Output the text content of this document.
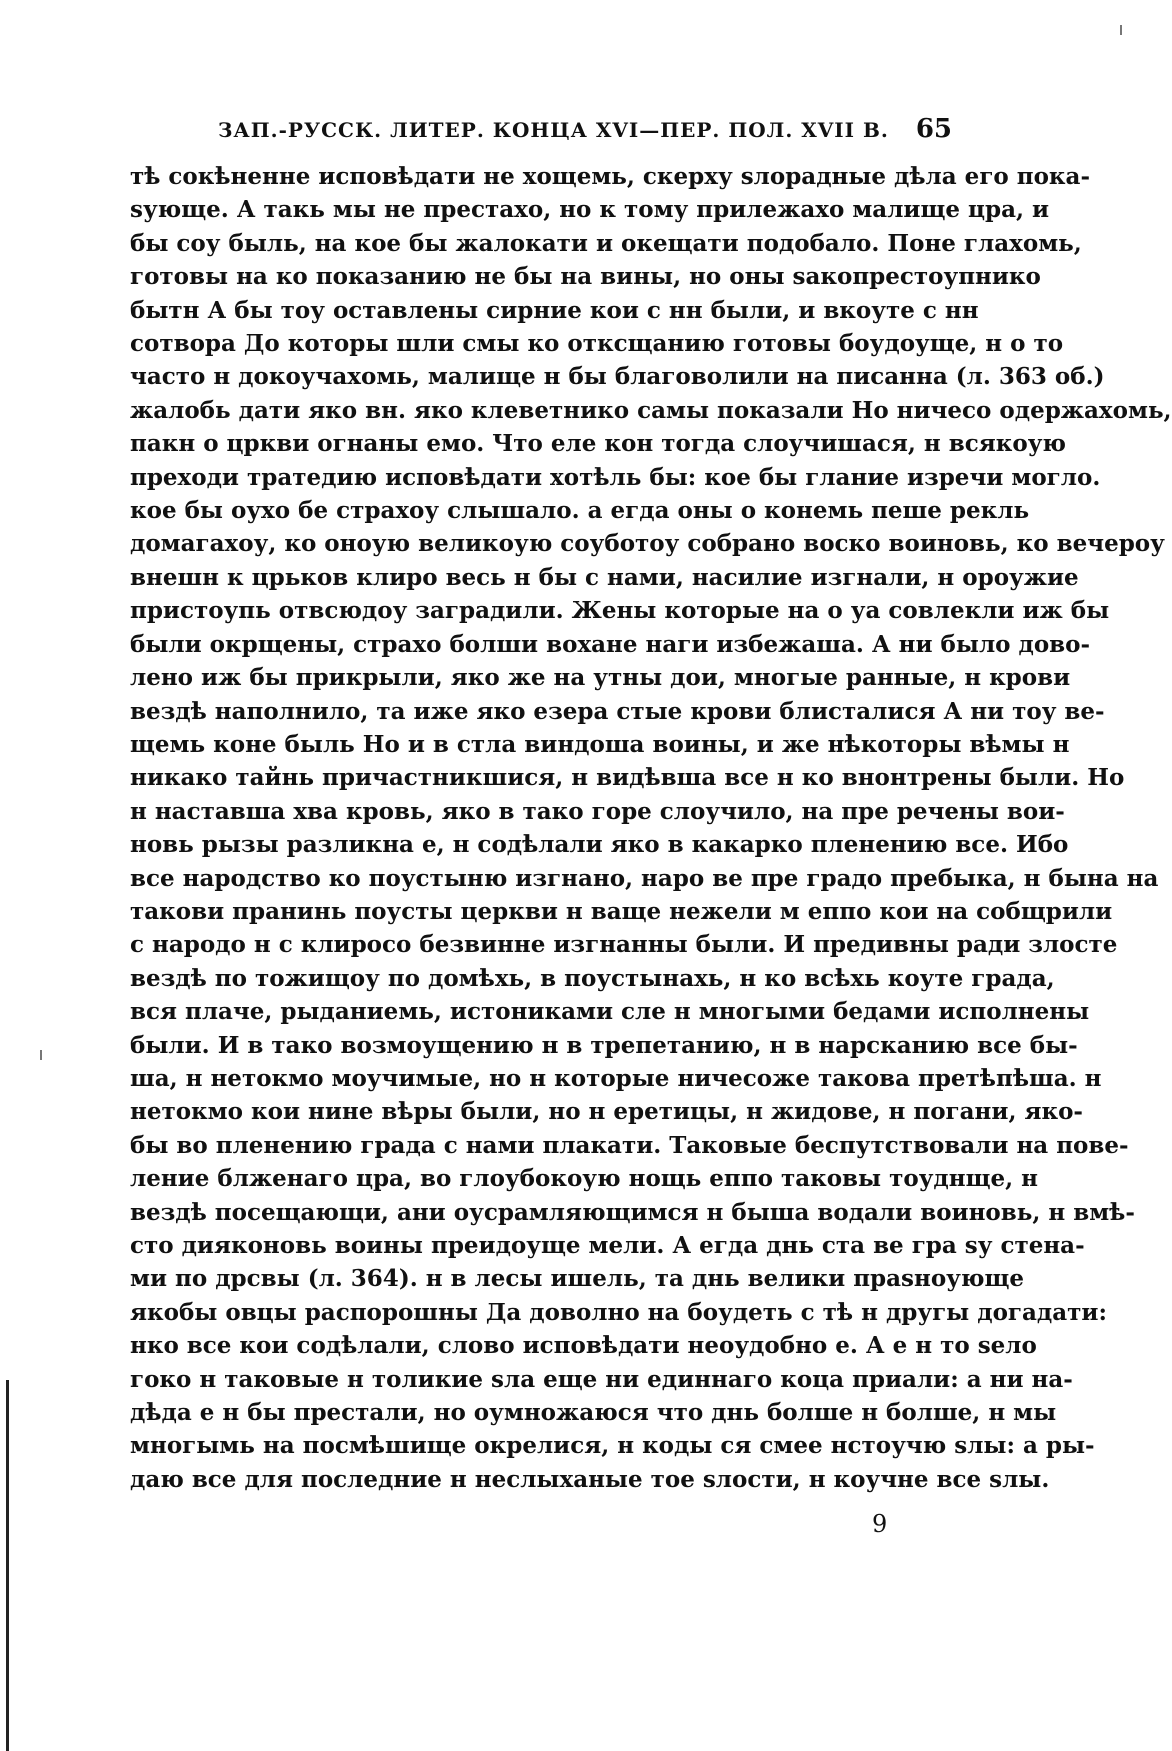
ЗАП.-РУССК. ЛИТЕР. КОНЦА XVI—ПЕР. ПОЛ. XVII В.	65
тѣ сокѣненне исповѣдати не хощемь, скерху ѕлорадные дѣла его пока-
ѕующе. А такь мы не престахо, но к тому прилежахо малище цра, и
бы соу быль, на кое бы жалокати и окещати подобало. Поне глахомь,
готовы на ко показанию не бы на вины, но оны ѕакопрестоупнико
бытн А бы тоу оставлены сирние кои с нн были, и вкоуте с нн
сотвора До которы шли смы ко отксщанию готовы боудоуще, н о то
часто н докоучахомь, малище н бы благоволили на писанна (л. 363 об.)
жалобь дати яко вн. яко клеветнико самы показали Но ничесо одержахомь,
пакн о цркви огнаны емо. Что еле кон тогда слоучишася, н всякоую
преходи тратедию исповѣдати хотѣль бы: кое бы глание изречи могло.
кое бы оухо бе страхоу слышало. а егда оны о конемь пеше рекль
домагахоу, ко оноую великоую соуботоу собрано воско воиновь, ко вечероу
внешн к црьков клиро весь н бы с нами, насилие изгнали, н ороужие
пристоупь отвсюдоу заградили. Жены которые на о уа совлекли иж бы
были окрщены, страхо болши вохане наги избежаша. А ни было дово-
лено иж бы прикрыли, яко же на утны дои, многые ранные, н крови
вездѣ наполнило, та иже яко езера стые крови блисталися А ни тоу ве-
щемь коне быль Но и в стла виндоша воины, и же нѣкоторы вѣмы н
никако тайнь причастникшися, н видѣвша все н ко внонтрены были. Но
н наставша хва кровь, яко в тако горе слоучило, на пре речены вои-
новь рызы разликна е, н содѣлали яко в какарко пленению все. Ибо
все народство ко поустыню изгнано, наро ве пре градо пребыка, н бына на
такови пранинь поусты церкви н ваще нежели м еппо кои на собщрили
с народо н с клиросо безвинне изгнанны были. И предивны ради злосте
вездѣ по тожищоу по домѣхь, в поустынахь, н ко всѣхь коуте града,
вся плаче, рыданиемь, истониками сле н многыми бедами исполнены
были. И в тако возмоущению н в трепетанию, н в нарсканию все бы-
ша, н нетокмо моучимые, но н которые ничесоже такова претѣпѣша. н
нетокмо кои нине вѣры были, но н еретицы, н жидове, н погани, яко-
бы во пленению града с нами плакати. Таковые беспутствовали на пове-
ление блженаго цра, во глоубокоую нощь еппо таковы тоуднще, н
вездѣ посещающи, ани оусрамляющимся н быша водали воиновь, н вмѣ-
сто дияконовь воины преидоуще мели. А егда днь ста ве гра ѕу стена-
ми по дрсвы (л. 364). н в лесы ишель, та днь велики праѕноующе
якобы овцы распорошны Да доволно на боудеть с тѣ н другы догадати:
нко все кои содѣлали, слово исповѣдати неоудобно е. А е н то ѕело
гоко н таковые н толикие ѕла еще ни единнаго коца приали: а ни на-
дѣда е н бы престали, но оумножаюся что днь болше н болше, н мы
многымь на посмѣшище окрелися, н коды ся смее нстоучю ѕлы: а ры-
даю все для последние н неслыханые тое ѕлости, н коучне все ѕлы.
9
